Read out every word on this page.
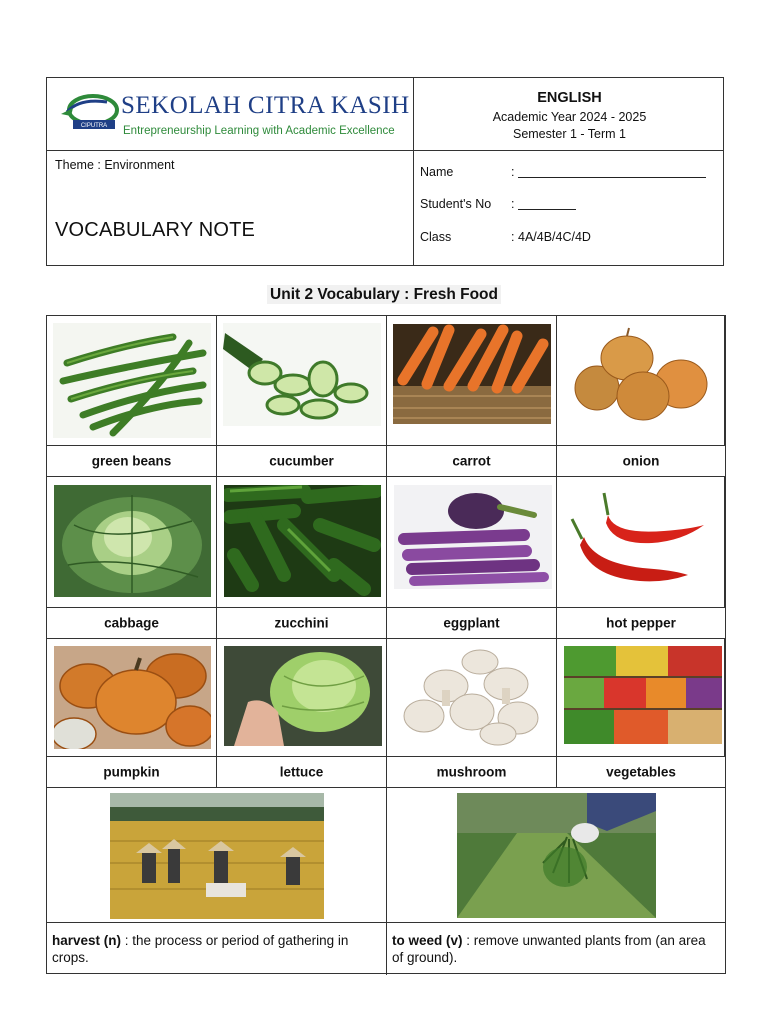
CIPUTRA
SEKOLAH CITRA KASIH
Entrepreneurship Learning with Academic Excellence
ENGLISH
Academic Year 2024 - 2025
Semester 1 - Term 1
Theme : Environment
VOCABULARY NOTE
Name	:
Student's No :
Class	: 4A/4B/4C/4D
Unit 2 Vocabulary : Fresh Food
green beans	cucumber	carrot	onion
cabbage	zucchini	eggplant	hot pepper
pumpkin	lettuce	mushroom	vegetables
harvest (n) : the process or period of gathering in crops.
to weed (v) : remove unwanted plants from (an area of ground).
